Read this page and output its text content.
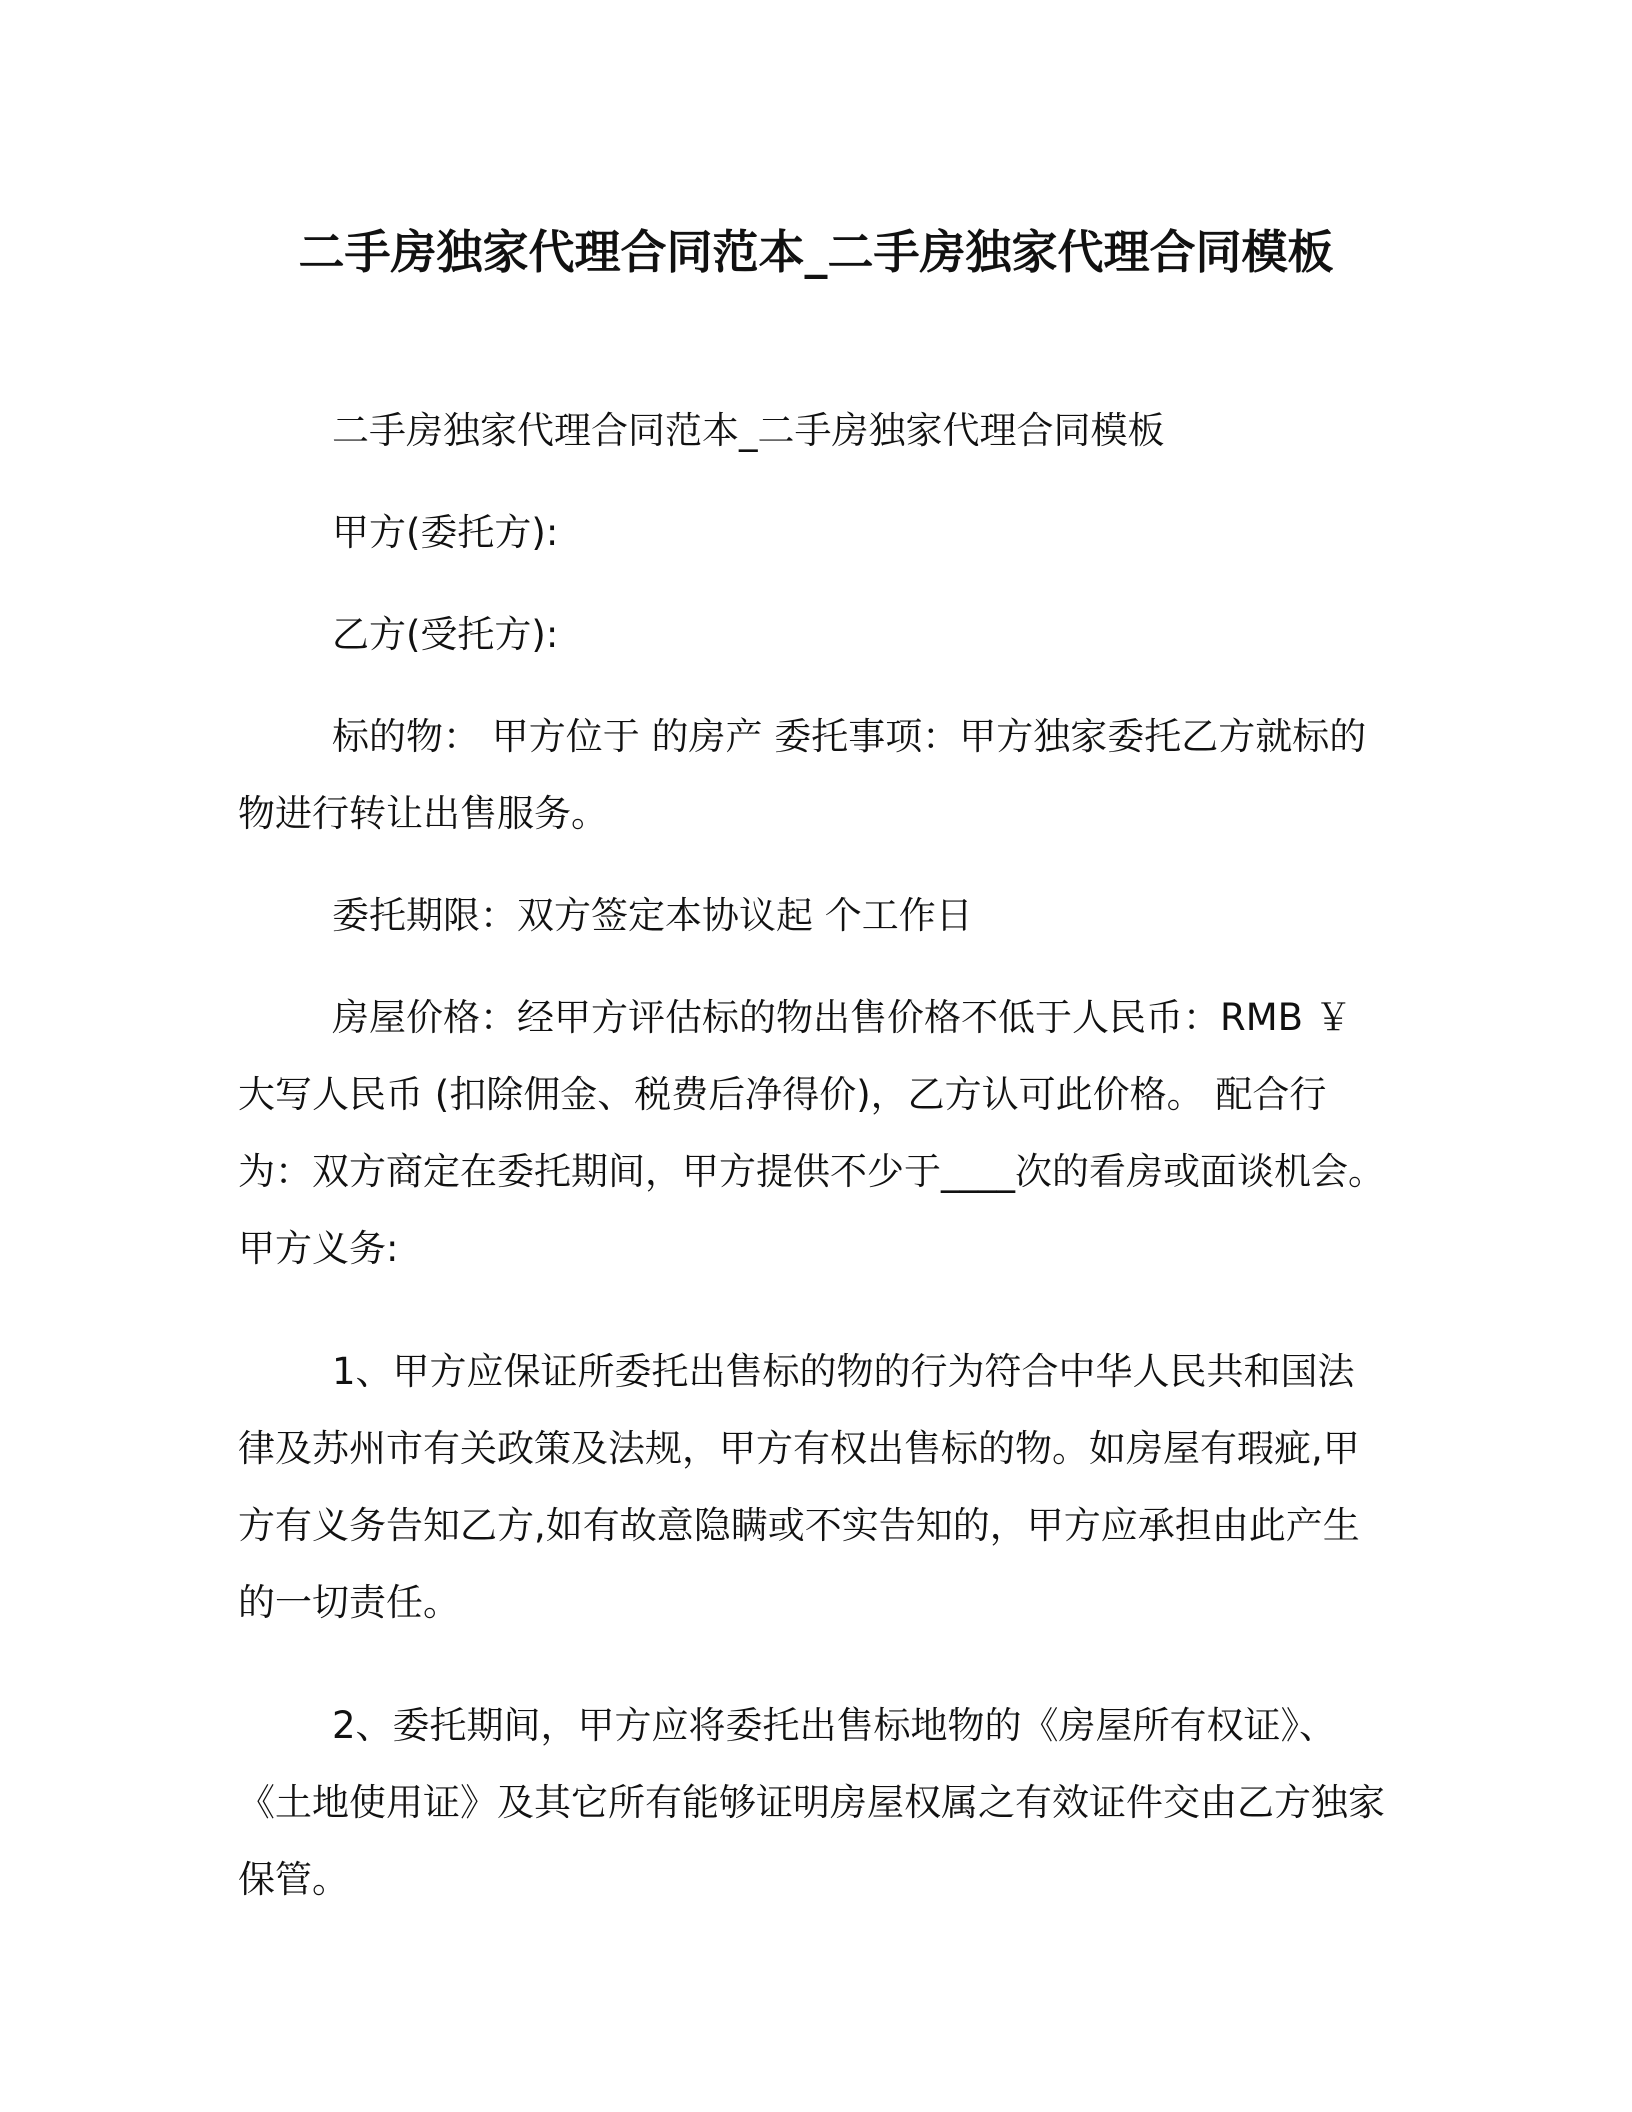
二手房独家代理合同范本_二手房独家代理合同模板

二手房独家代理合同范本_二手房独家代理合同模板

甲方(委托方):

乙方(受托方):

标的物： 甲方位于 的房产 委托事项：甲方独家委托乙方就标的物进行转让出售服务。

委托期限：双方签定本协议起 个工作日

房屋价格：经甲方评估标的物出售价格不低于人民币：RMB ￥ 大写人民币 (扣除佣金、税费后净得价)，乙方认可此价格。 配合行为：双方商定在委托期间，甲方提供不少于____次的看房或面谈机会。甲方义务:

1、甲方应保证所委托出售标的物的行为符合中华人民共和国法律及苏州市有关政策及法规，甲方有权出售标的物。如房屋有瑕疵,甲方有义务告知乙方,如有故意隐瞒或不实告知的，甲方应承担由此产生的一切责任。

2、委托期间，甲方应将委托出售标地物的《房屋所有权证》、《土地使用证》及其它所有能够证明房屋权属之有效证件交由乙方独家保管。
